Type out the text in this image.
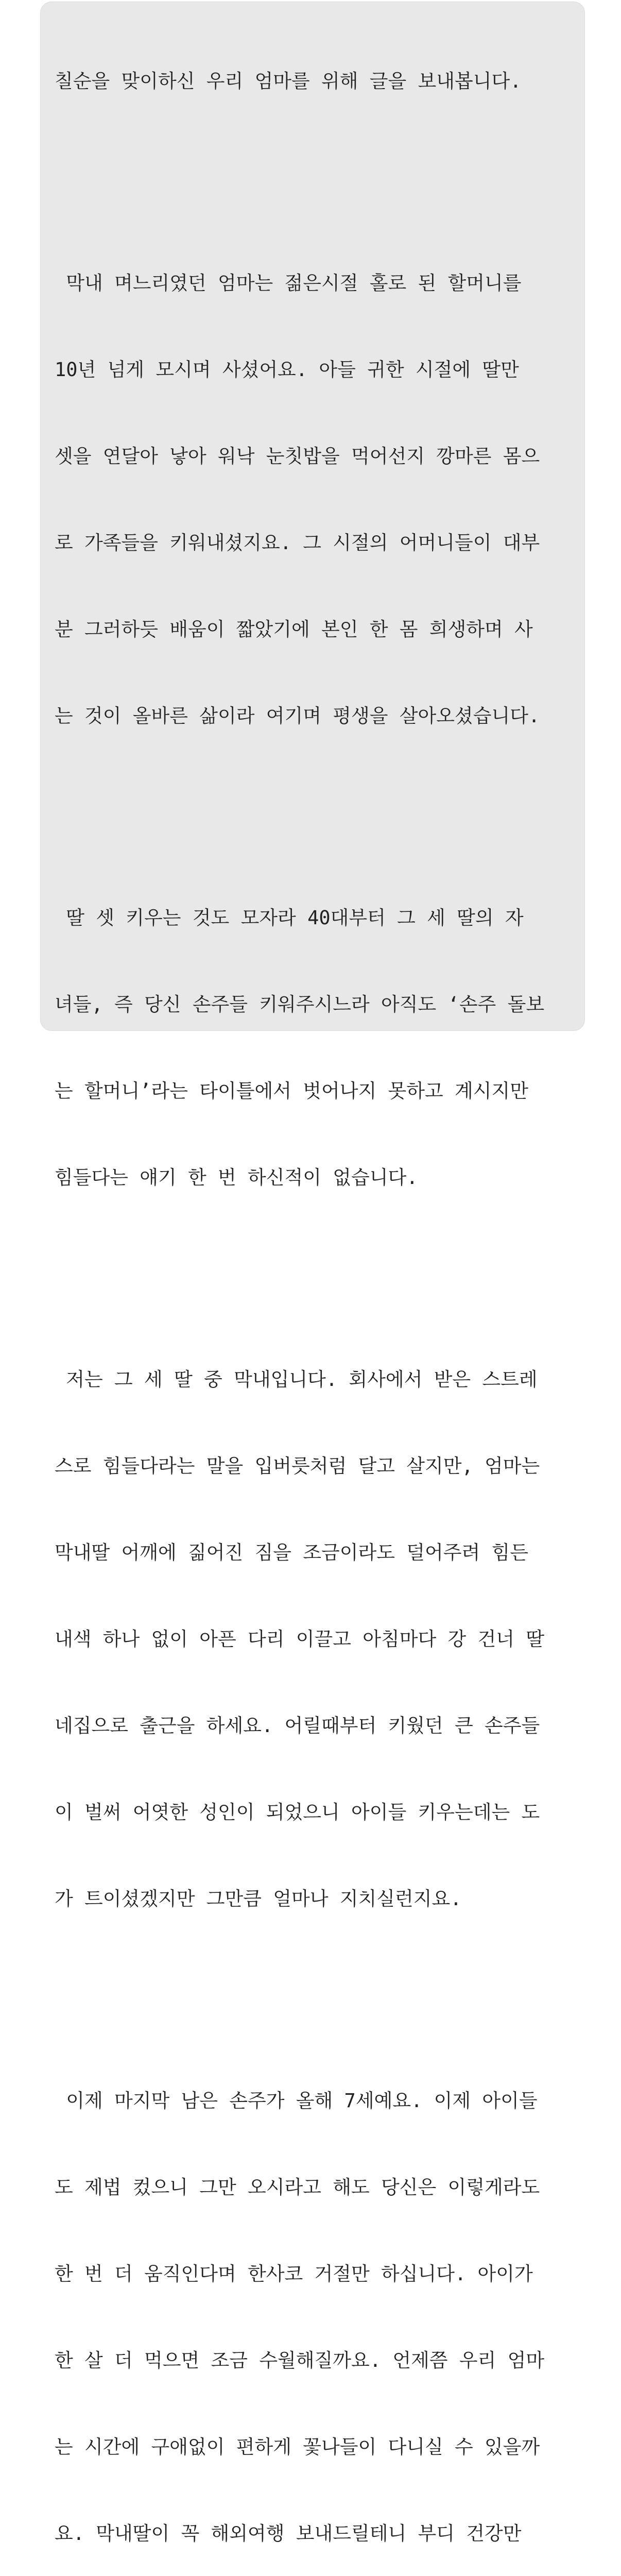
칠순을 맞이하신 우리 엄마를 위해 글을 보내봅니다.

막내 며느리였던 엄마는 젊은시절 홀로 된 할머니를

10년 넘게 모시며 사셨어요. 아들 귀한 시절에 딸만

셋을 연달아 낳아 워낙 눈칫밥을 먹어선지 깡마른 몸으

로 가족들을 키워내셨지요. 그 시절의 어머니들이 대부

분 그러하듯 배움이 짧았기에 본인 한 몸 희생하며 사

는 것이 올바른 삶이라 여기며 평생을 살아오셨습니다.

딸 셋 키우는 것도 모자라 40대부터 그 세 딸의 자

녀들, 즉 당신 손주들 키워주시느라 아직도 ‘손주 돌보

는 할머니’라는 타이틀에서 벗어나지 못하고 계시지만

힘들다는 얘기 한 번 하신적이 없습니다.

저는 그 세 딸 중 막내입니다. 회사에서 받은 스트레

스로 힘들다라는 말을 입버릇처럼 달고 살지만, 엄마는

막내딸 어깨에 짊어진 짐을 조금이라도 덜어주려 힘든

내색 하나 없이 아픈 다리 이끌고 아침마다 강 건너 딸

네집으로 출근을 하세요. 어릴때부터 키웠던 큰 손주들

이 벌써 어엿한 성인이 되었으니 아이들 키우는데는 도

가 트이셨겠지만 그만큼 얼마나 지치실런지요.

이제 마지막 남은 손주가 올해 7세예요. 이제 아이들

도 제법 컸으니 그만 오시라고 해도 당신은 이렇게라도

한 번 더 움직인다며 한사코 거절만 하십니다. 아이가

한 살 더 먹으면 조금 수월해질까요. 언제쯤 우리 엄마

는 시간에 구애없이 편하게 꽃나들이 다니실 수 있을까

요. 막내딸이 꼭 해외여행 보내드릴테니 부디 건강만
